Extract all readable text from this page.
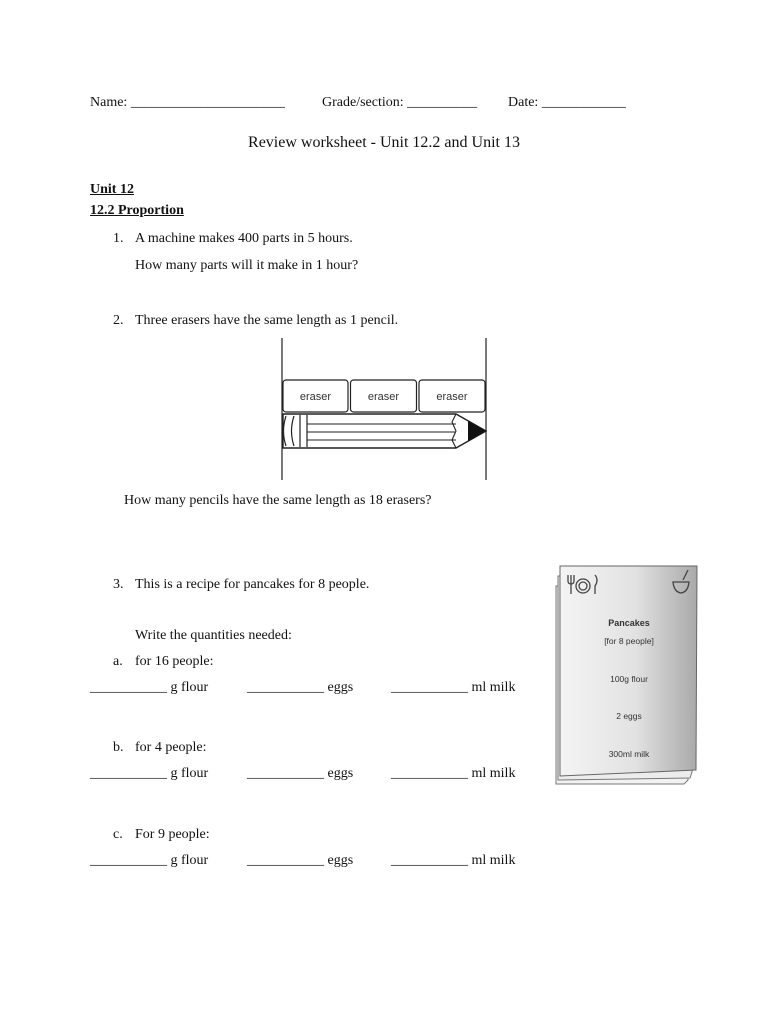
Name: ______________________	Grade/section: __________ Date: ____________
Review worksheet - Unit 12.2 and Unit 13
Unit 12
12.2 Proportion
1. A machine makes 400 parts in 5 hours.
How many parts will it make in 1 hour?
2. Three erasers have the same length as 1 pencil.
eraser	eraser	eraser
How many pencils have the same length as 18 erasers?
3. This is a recipe for pancakes for 8 people.
Write the quantities needed:
a. for 16 people:
___________ g flour	___________ eggs	___________ ml milk
b. for 4 people:
___________ g flour	___________ eggs	___________ ml milk
c. For 9 people:
___________ g flour	___________ eggs	___________ ml milk
Pancakes
[for 8 people]
100g flour
2 eggs
300ml milk
